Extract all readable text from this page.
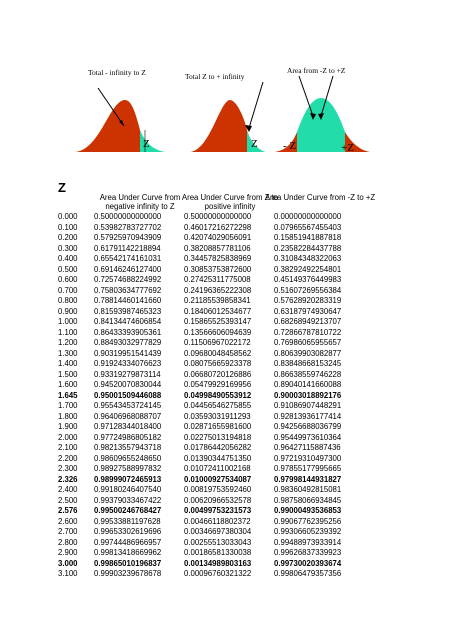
Total - infinity to Z
Z
Total Z to + infinity
Z
Area from -Z to +Z
- Z	+Z
Z
Area Under Curve from negative infinity to Z
Area Under Curve from Z to positive infinity
Area Under Curve from -Z to +Z
0.000 0.50000000000000	0.50000000000000	0.00000000000000
0.100 0.53982783727702	0.46017216272298	0.07965567455403
0.200 0.57925970943909	0.42074029056091	0.15851941887818
0.300 0.61791142218894	0.38208857781106	0.23582284437788
0.400 0.65542174161031	0.34457825838969	0.31084348322063
0.500 0.69146246127400	0.30853753872600	0.38292492254801
0.600 0.72574688224992	0.27425311775008	0.45149376449983
0.700 0.75803634777692	0.24196365222308	0.51607269556384
0.800 0.78814460141660	0.21185539858341	0.57628920283319
0.900 0.81593987465323	0.18406012534677	0.63187974930647
1.000 0.84134474606854	0.15865525393147	0.68268949213707
1.100 0.86433393905361	0.13566606094639	0.72866787810722
1.200 0.88493032977829	0.11506967022172	0.76986065955657
1.300 0.90319951541439	0.09680048458562	0.80639903082877
1.400 0.91924334076623	0.08075665923378	0.83848668153245
1.500 0.93319279873114	0.06680720126886	0.86638559746228
1.600 0.94520070830044	0.05479929169956	0.89040141660088
1.645 0.95001509446088	0.04998490553912	0.90003018892176
1.700 0.95543453724145	0.04456546275855	0.91086907448291
1.800 0.96406968088707	0.03593031911293	0.92813936177414
1.900 0.97128344018400	0.02871655981600	0.94256688036799
2.000 0.97724986805182	0.02275013194818	0.95449973610364
2.100 0.98213557943718	0.01786442056282	0.96427115887436
2.200 0.98609655248650	0.01390344751350	0.97219310497300
2.300 0.98927588997832	0.01072411002168	0.97855177995665
2.326 0.98999072465913	0.01000927534087	0.97998144931827
2.400 0.99180246407540	0.00819753592460	0.98360492815081
2.500 0.99379033467422	0.00620966532578	0.98758066934845
2.576 0.99500246768427	0.00499753231573	0.99000493536853
2.600 0.99533881197628	0.00466118802372	0.99067762395256
2.700 0.99653302619696	0.00346697380304	0.99306605239392
2.800 0.99744486966957	0.00255513033043	0.99488973933914
2.900 0.99813418669962	0.00186581330038	0.99626837339923
3.000 0.99865010196837	0.00134989803163	0.99730020393674
3.100 0.99903239678678	0.00096760321322	0.99806479357356
